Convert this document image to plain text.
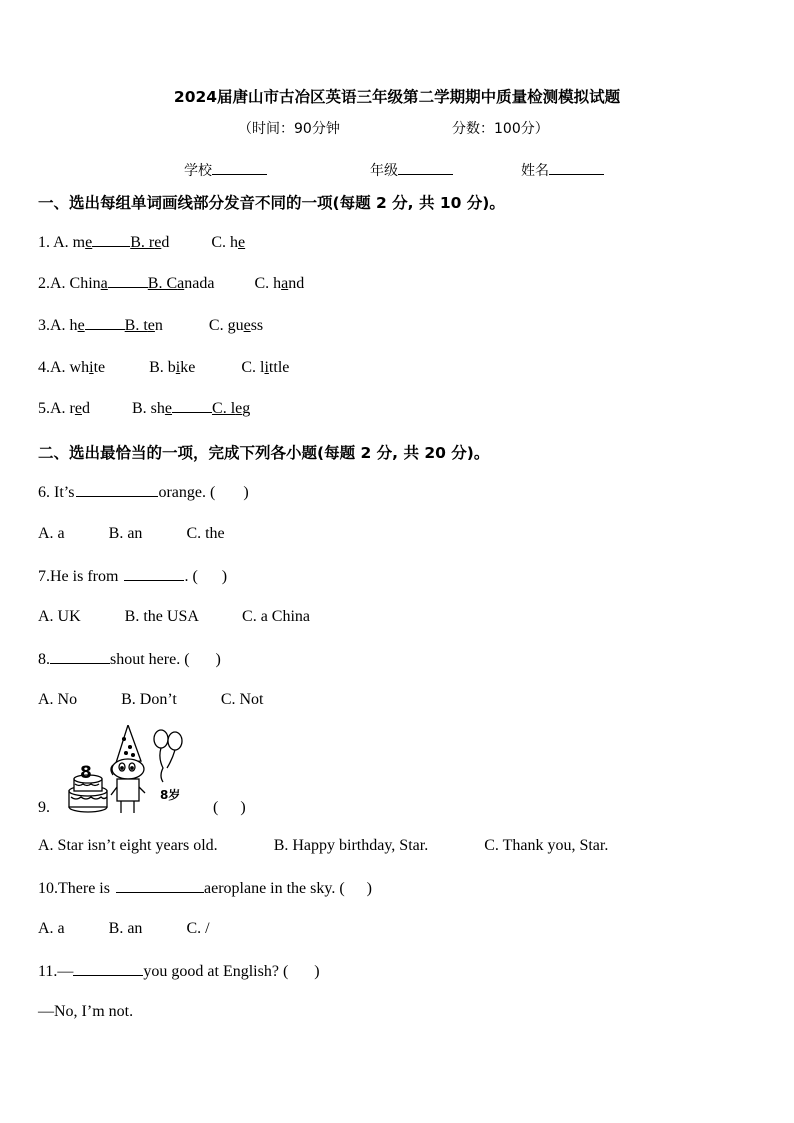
2024届唐山市古冶区英语三年级第二学期期中质量检测模拟试题
（时间：90分钟	分数：100分）
学校	年级	姓名
一、选出每组单词画线部分发音不同的一项(每题 2 分, 共 10 分)。
1. A. me B. red	C. he
2.A. China	B. Canada	C. hand
3.A. he	B. ten	C. guess
4.A. white	B. bike	C. little
5.A. red	B. she	C. leg
二、选出最恰当的一项，完成下列各小题(每题 2 分, 共 20 分)。
6. It’s	orange. ( )
A. a	B. an	C. the
7.He is from	. ( )
A. UK	B. the USA	C. a China
8.	shout here. ( )
A. No	B. Don’t	C. Not
9.
8
8岁
( )
A. Star isn’t eight years old.	B. Happy birthday, Star.	C. Thank you, Star.
10.There is	aeroplane in the sky. ( )
A. a	B. an	C. /
11.—	you good at English? ( )
—No, I’m not.
